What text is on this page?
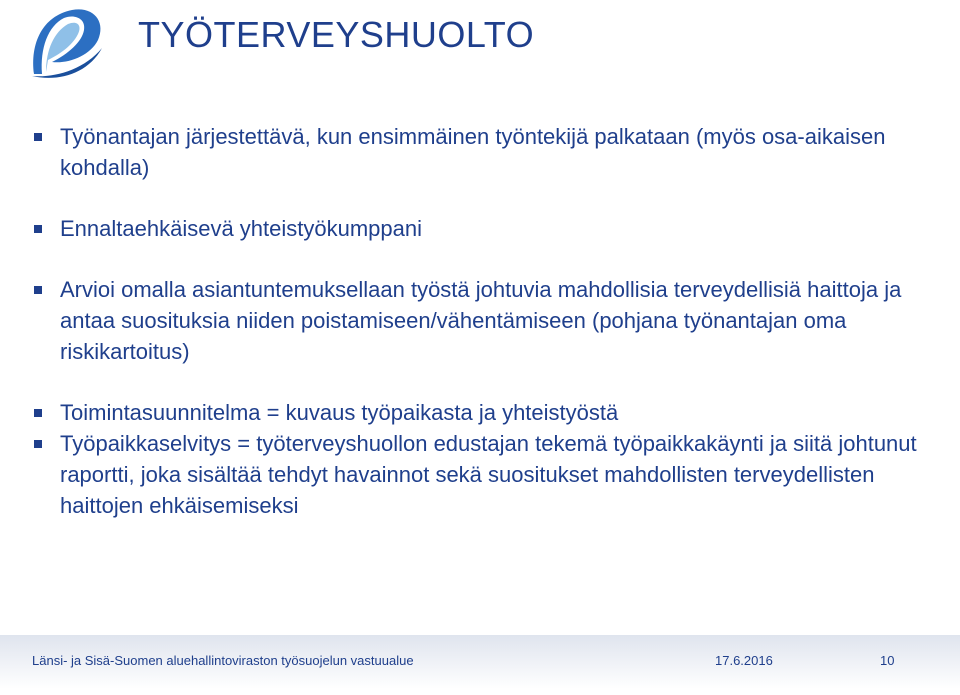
TYÖTERVEYSHUOLTO
Työnantajan järjestettävä, kun ensimmäinen työntekijä palkataan (myös osa-aikaisen kohdalla)
Ennaltaehkäisevä yhteistyökumppani
Arvioi omalla asiantuntemuksellaan työstä johtuvia mahdollisia terveydellisiä haittoja ja antaa suosituksia niiden poistamiseen/vähentämiseen (pohjana työnantajan oma riskikartoitus)
Toimintasuunnitelma = kuvaus työpaikasta ja yhteistyöstä
Työpaikkaselvitys = työterveyshuollon edustajan tekemä työpaikkakäynti ja siitä johtunut raportti, joka sisältää tehdyt havainnot sekä suositukset mahdollisten terveydellisten haittojen ehkäisemiseksi
Länsi- ja Sisä-Suomen aluehallintoviraston työsuojelun vastuualue	17.6.2016	10
